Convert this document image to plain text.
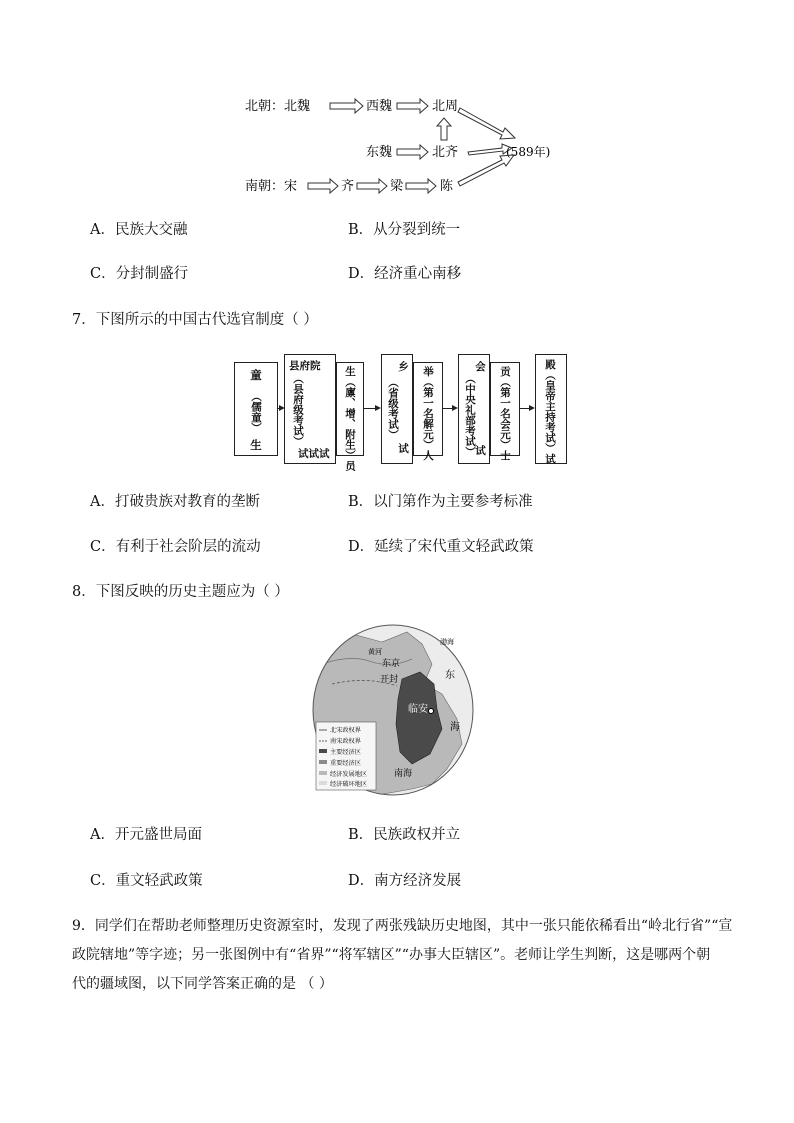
北朝：北魏	西魏	北周
东魏	北齐	(589年)
南朝：宋	齐	梁	陈
A．民族大交融	B．从分裂到统一
C．分封制盛行	D．经济重心南移
7．下图所示的中国古代选官制度（ ）
童
（儒童）
生
县府院
（县府级考试）
试试试 生（廪、增、附生）员	乡
（省级考试）
试 举（第一名解元）人	会
（中央礼部考试）
试 贡（第一名会元）士	殿（皇帝主持考试）试
A．打破贵族对教育的垄断	B．以门第作为主要参考标准
C．有利于社会阶层的流动	D．延续了宋代重文轻武政策
8．下图反映的历史主题应为（ ）
渤海
黄河
东京
开封	东
临安
海
南海
北宋政权界
南宋政权界
主要经济区
重要经济区
经济发展地区
经济破坏地区
A．开元盛世局面	B．民族政权并立
C．重文轻武政策	D．南方经济发展
9．同学们在帮助老师整理历史资源室时，发现了两张残缺历史地图，其中一张只能依稀看出“岭北行省”“宣
政院辖地”等字迹；另一张图例中有“省界”“将军辖区”“办事大臣辖区”。老师让学生判断，这是哪两个朝
代的疆域图，以下同学答案正确的是 （ ）
